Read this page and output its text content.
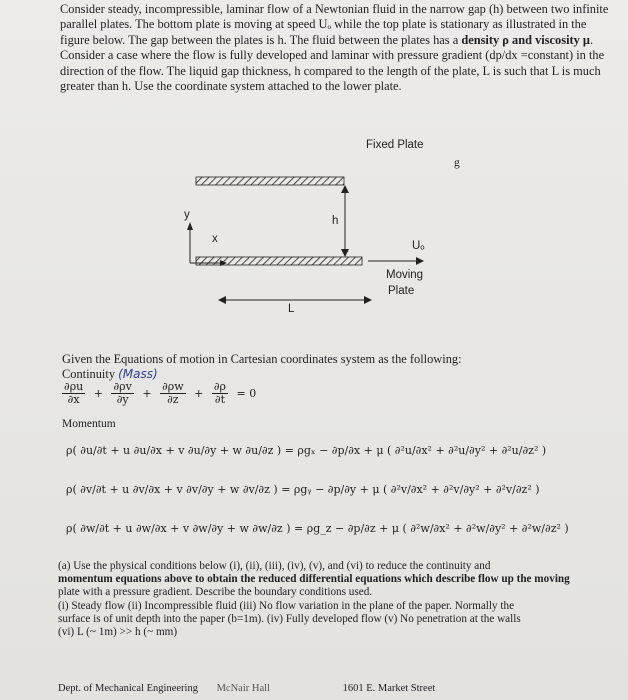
Consider steady, incompressible, laminar flow of a Newtonian fluid in the narrow gap (h) between two infinite
parallel plates. The bottom plate is moving at speed Uₒ while the top plate is stationary as illustrated in the
figure below. The gap between the plates is h. The fluid between the plates has a density ρ and viscosity μ.
Consider a case where the flow is fully developed and laminar with pressure gradient (dp/dx =constant) in the
direction of the flow. The liquid gap thickness, h compared to the length of the plate, L is such that L is much
greater than h. Use the coordinate system attached to the lower plate.
Fixed Plate
g
y
x
h
Uₒ
Moving
Plate
L
Given the Equations of motion in Cartesian coordinates system as the following:
Continuity (Mass)
$\frac{\partial\rho u}{\partial x} + \frac{\partial\rho v}{\partial y} + \frac{\partial\rho w}{\partial z} + \frac{\partial\rho}{\partial t} = 0$
Momentum
ρ( ∂u/∂t + u ∂u/∂x + v ∂u/∂y + w ∂u/∂z ) = ρgₓ − ∂p/∂x + μ ( ∂²u/∂x² + ∂²u/∂y² + ∂²u/∂z² )
ρ( ∂v/∂t + u ∂v/∂x + v ∂v/∂y + w ∂v/∂z ) = ρgᵧ − ∂p/∂y + μ ( ∂²v/∂x² + ∂²v/∂y² + ∂²v/∂z² )
ρ( ∂w/∂t + u ∂w/∂x + v ∂w/∂y + w ∂w/∂z ) = ρg_z − ∂p/∂z + μ ( ∂²w/∂x² + ∂²w/∂y² + ∂²w/∂z² )
(a) Use the physical conditions below (i), (ii), (iii), (iv), (v), and (vi) to reduce the continuity and
momentum equations above to obtain the reduced differential equations which describe flow up the moving
plate with a pressure gradient. Describe the boundary conditions used.
(i) Steady flow (ii) Incompressible fluid (iii) No flow variation in the plane of the paper. Normally the
surface is of unit depth into the paper (b=1m). (iv) Fully developed flow (v) No penetration at the walls
(vi) L (~ 1m) >> h (~ mm)
Dept. of Mechanical Engineering McNair Hall	1601 E. Market Street
